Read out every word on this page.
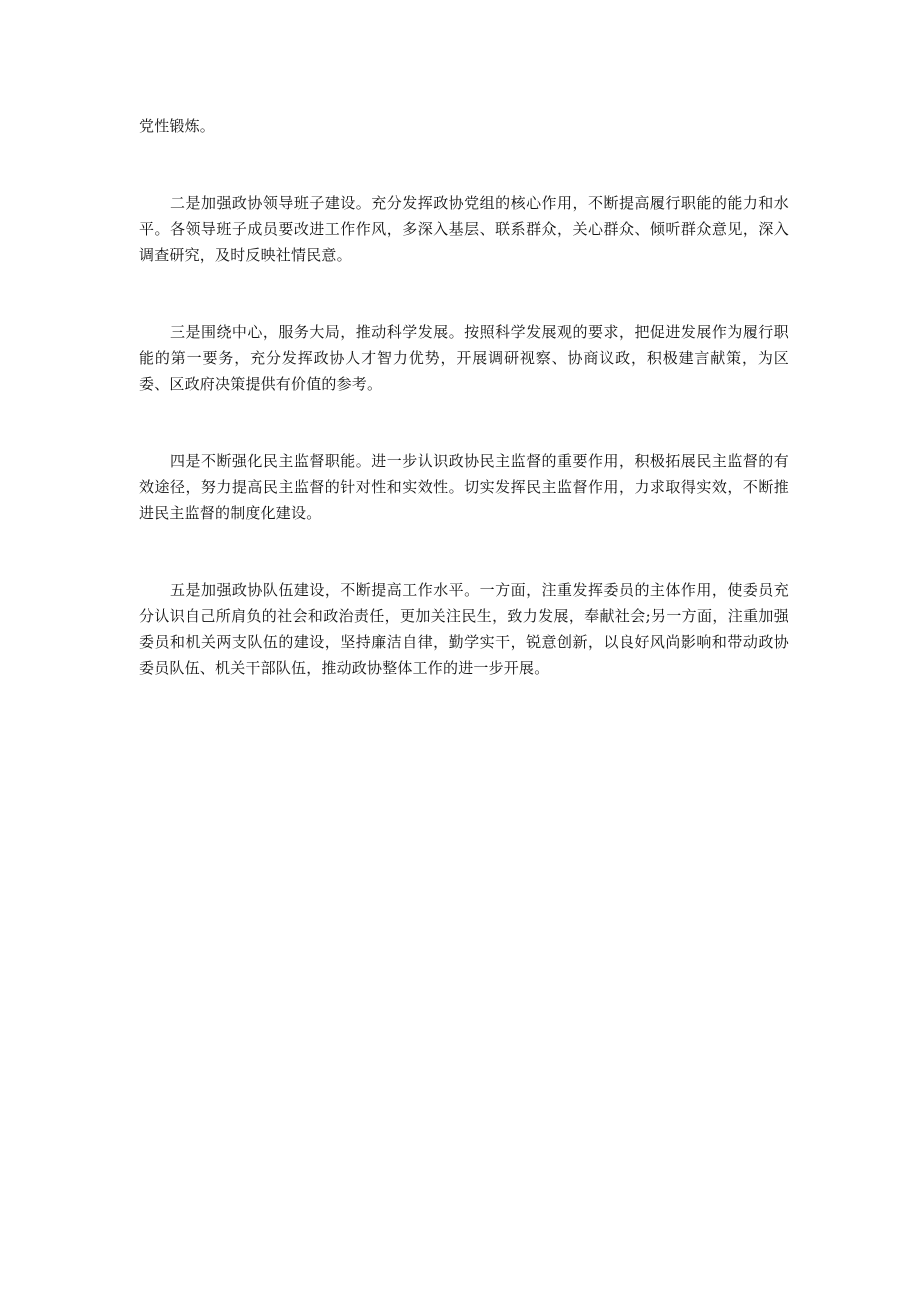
党性锻炼。

二是加强政协领导班子建设。充分发挥政协党组的核心作用，不断提高履行职能的能力和水平。各领导班子成员要改进工作作风，多深入基层、联系群众，关心群众、倾听群众意见，深入调查研究，及时反映社情民意。

三是围绕中心，服务大局，推动科学发展。按照科学发展观的要求，把促进发展作为履行职能的第一要务，充分发挥政协人才智力优势，开展调研视察、协商议政，积极建言献策，为区委、区政府决策提供有价值的参考。

四是不断强化民主监督职能。进一步认识政协民主监督的重要作用，积极拓展民主监督的有效途径，努力提高民主监督的针对性和实效性。切实发挥民主监督作用，力求取得实效，不断推进民主监督的制度化建设。

五是加强政协队伍建设，不断提高工作水平。一方面，注重发挥委员的主体作用，使委员充分认识自己所肩负的社会和政治责任，更加关注民生，致力发展，奉献社会;另一方面，注重加强委员和机关两支队伍的建设，坚持廉洁自律，勤学实干，锐意创新，以良好风尚影响和带动政协委员队伍、机关干部队伍，推动政协整体工作的进一步开展。
